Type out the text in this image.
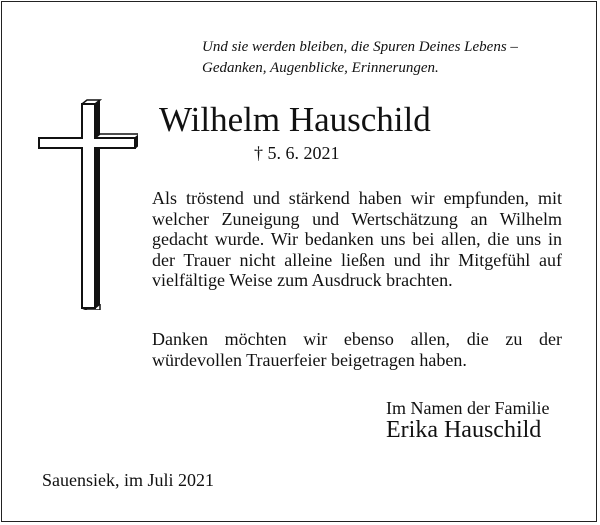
Und sie werden bleiben, die Spuren Deines Lebens –
Gedanken, Augenblicke, Erinnerungen.
Wilhelm Hauschild
† 5. 6. 2021
Als tröstend und stärkend haben wir empfunden, mit welcher Zuneigung und Wertschätzung an Wilhelm gedacht wurde. Wir bedanken uns bei allen, die uns in der Trauer nicht alleine ließen und ihr Mitgefühl auf vielfältige Weise zum Ausdruck brachten.
Danken möchten wir ebenso allen, die zu der würdevollen Trauerfeier beigetragen haben.
Im Namen der Familie
Erika Hauschild
Sauensiek, im Juli 2021
